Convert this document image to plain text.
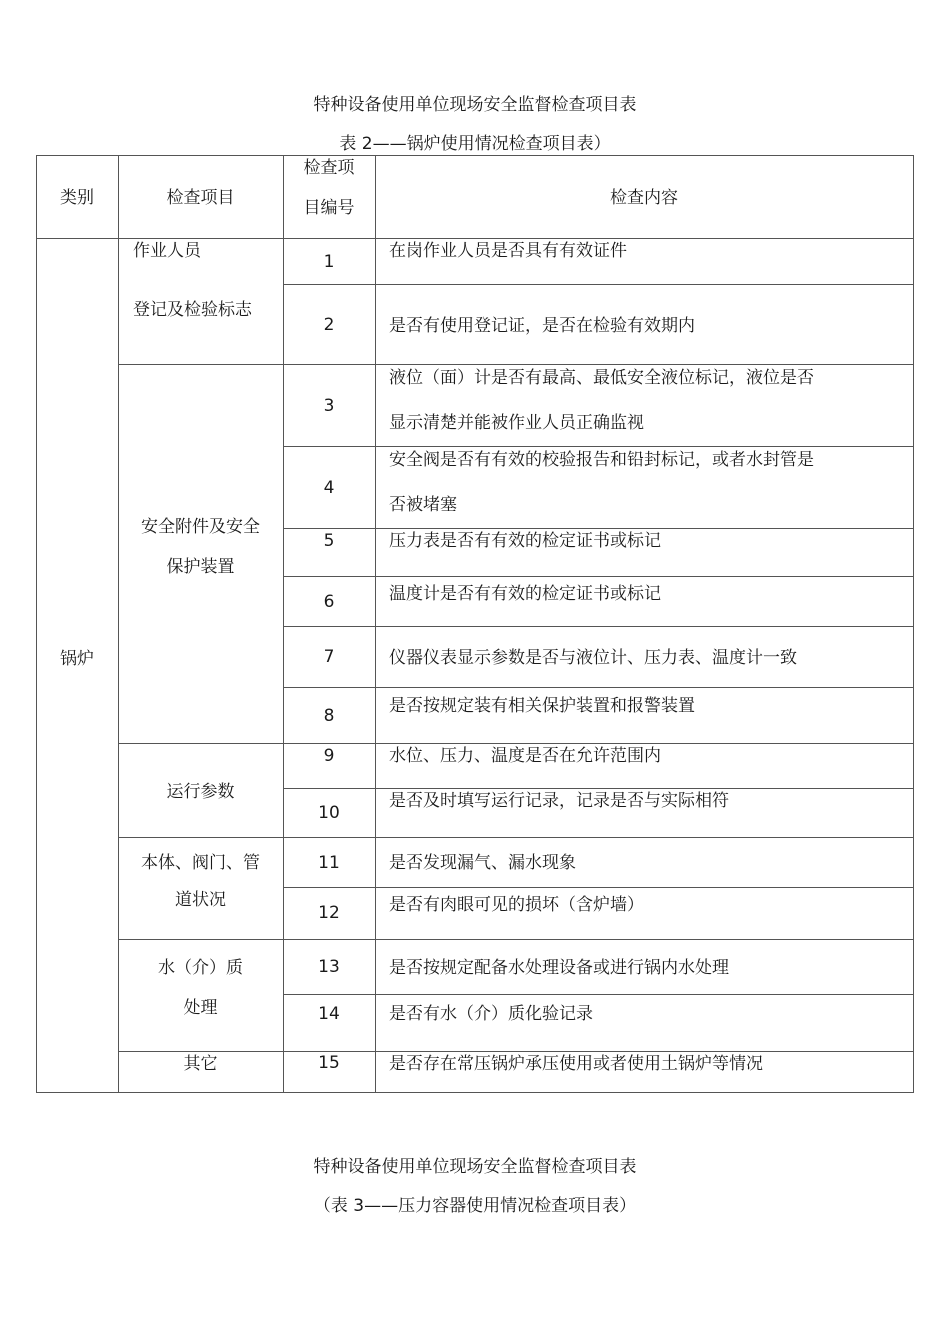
特种设备使用单位现场安全监督检查项目表
表 2——锅炉使用情况检查项目表）
类别	检查项目
检查项
目编号	检查内容
锅炉
作业人员
登记及检验标志
安全附件及安全
保护装置
运行参数
本体、阀门、管
道状况
水（介）质
处理
其它
1
2
3
4
5
6
7
8
9
10
11
12
13
14
15
在岗作业人员是否具有有效证件
是否有使用登记证，是否在检验有效期内
液位（面）计是否有最高、最低安全液位标记，液位是否
显示清楚并能被作业人员正确监视
安全阀是否有有效的校验报告和铅封标记，或者水封管是
否被堵塞
压力表是否有有效的检定证书或标记
温度计是否有有效的检定证书或标记
仪器仪表显示参数是否与液位计、压力表、温度计一致
是否按规定装有相关保护装置和报警装置
水位、压力、温度是否在允许范围内
是否及时填写运行记录，记录是否与实际相符
是否发现漏气、漏水现象
是否有肉眼可见的损坏（含炉墙）
是否按规定配备水处理设备或进行锅内水处理
是否有水（介）质化验记录
是否存在常压锅炉承压使用或者使用土锅炉等情况
特种设备使用单位现场安全监督检查项目表
（表 3——压力容器使用情况检查项目表）
